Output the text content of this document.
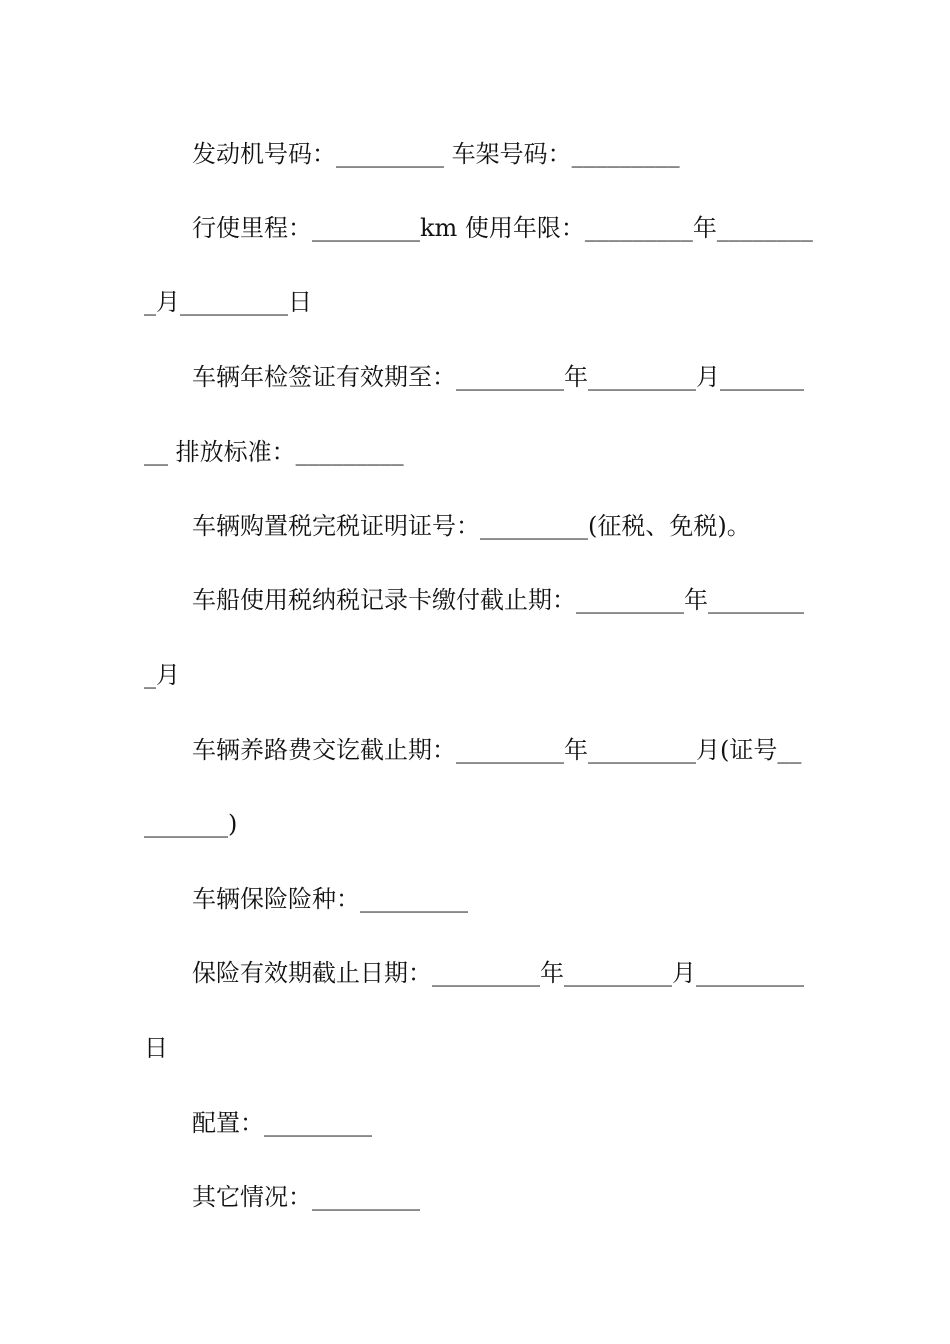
发动机号码：_________ 车架号码：_________
行使里程：_________km 使用年限：_________年________
_月_________日
车辆年检签证有效期至：_________年_________月_______
__ 排放标准：_________
车辆购置税完税证明证号：_________(征税、免税)。
车船使用税纳税记录卡缴付截止期：_________年________
_月
车辆养路费交讫截止期：_________年_________月(证号__
_______)
车辆保险险种：_________
保险有效期截止日期：_________年_________月_________
日
配置：_________
其它情况：_________
